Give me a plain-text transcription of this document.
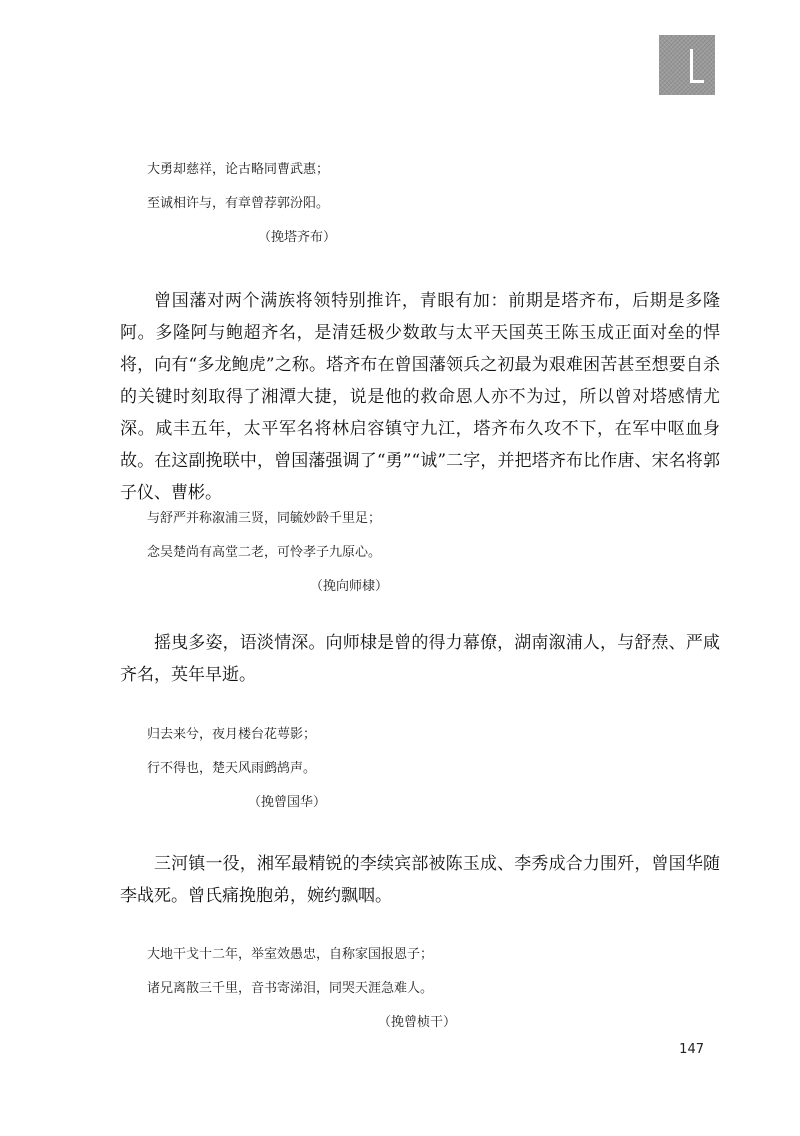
大勇却慈祥，论古略同曹武惠；
至诚相许与，有章曾荐郭汾阳。
（挽塔齐布）

曾国藩对两个满族将领特别推许，青眼有加：前期是塔齐布，后期是多隆阿。多隆阿与鲍超齐名，是清廷极少数敢与太平天国英王陈玉成正面对垒的悍将，向有“多龙鲍虎”之称。塔齐布在曾国藩领兵之初最为艰难困苦甚至想要自杀的关键时刻取得了湘潭大捷，说是他的救命恩人亦不为过，所以曾对塔感情尤深。咸丰五年，太平军名将林启容镇守九江，塔齐布久攻不下，在军中呕血身故。在这副挽联中，曾国藩强调了“勇”“诚”二字，并把塔齐布比作唐、宋名将郭子仪、曹彬。

与舒严并称溆浦三贤，同毓妙龄千里足；
念吴楚尚有高堂二老，可怜孝子九原心。
（挽向师棣）

摇曳多姿，语淡情深。向师棣是曾的得力幕僚，湖南溆浦人，与舒焘、严咸齐名，英年早逝。

归去来兮，夜月楼台花萼影；
行不得也，楚天风雨鹧鸪声。
（挽曾国华）

三河镇一役，湘军最精锐的李续宾部被陈玉成、李秀成合力围歼，曾国华随李战死。曾氏痛挽胞弟，婉约飘咽。

大地干戈十二年，举室效愚忠，自称家国报恩子；
诸兄离散三千里，音书寄涕泪，同哭天涯急难人。
（挽曾桢干）
147
